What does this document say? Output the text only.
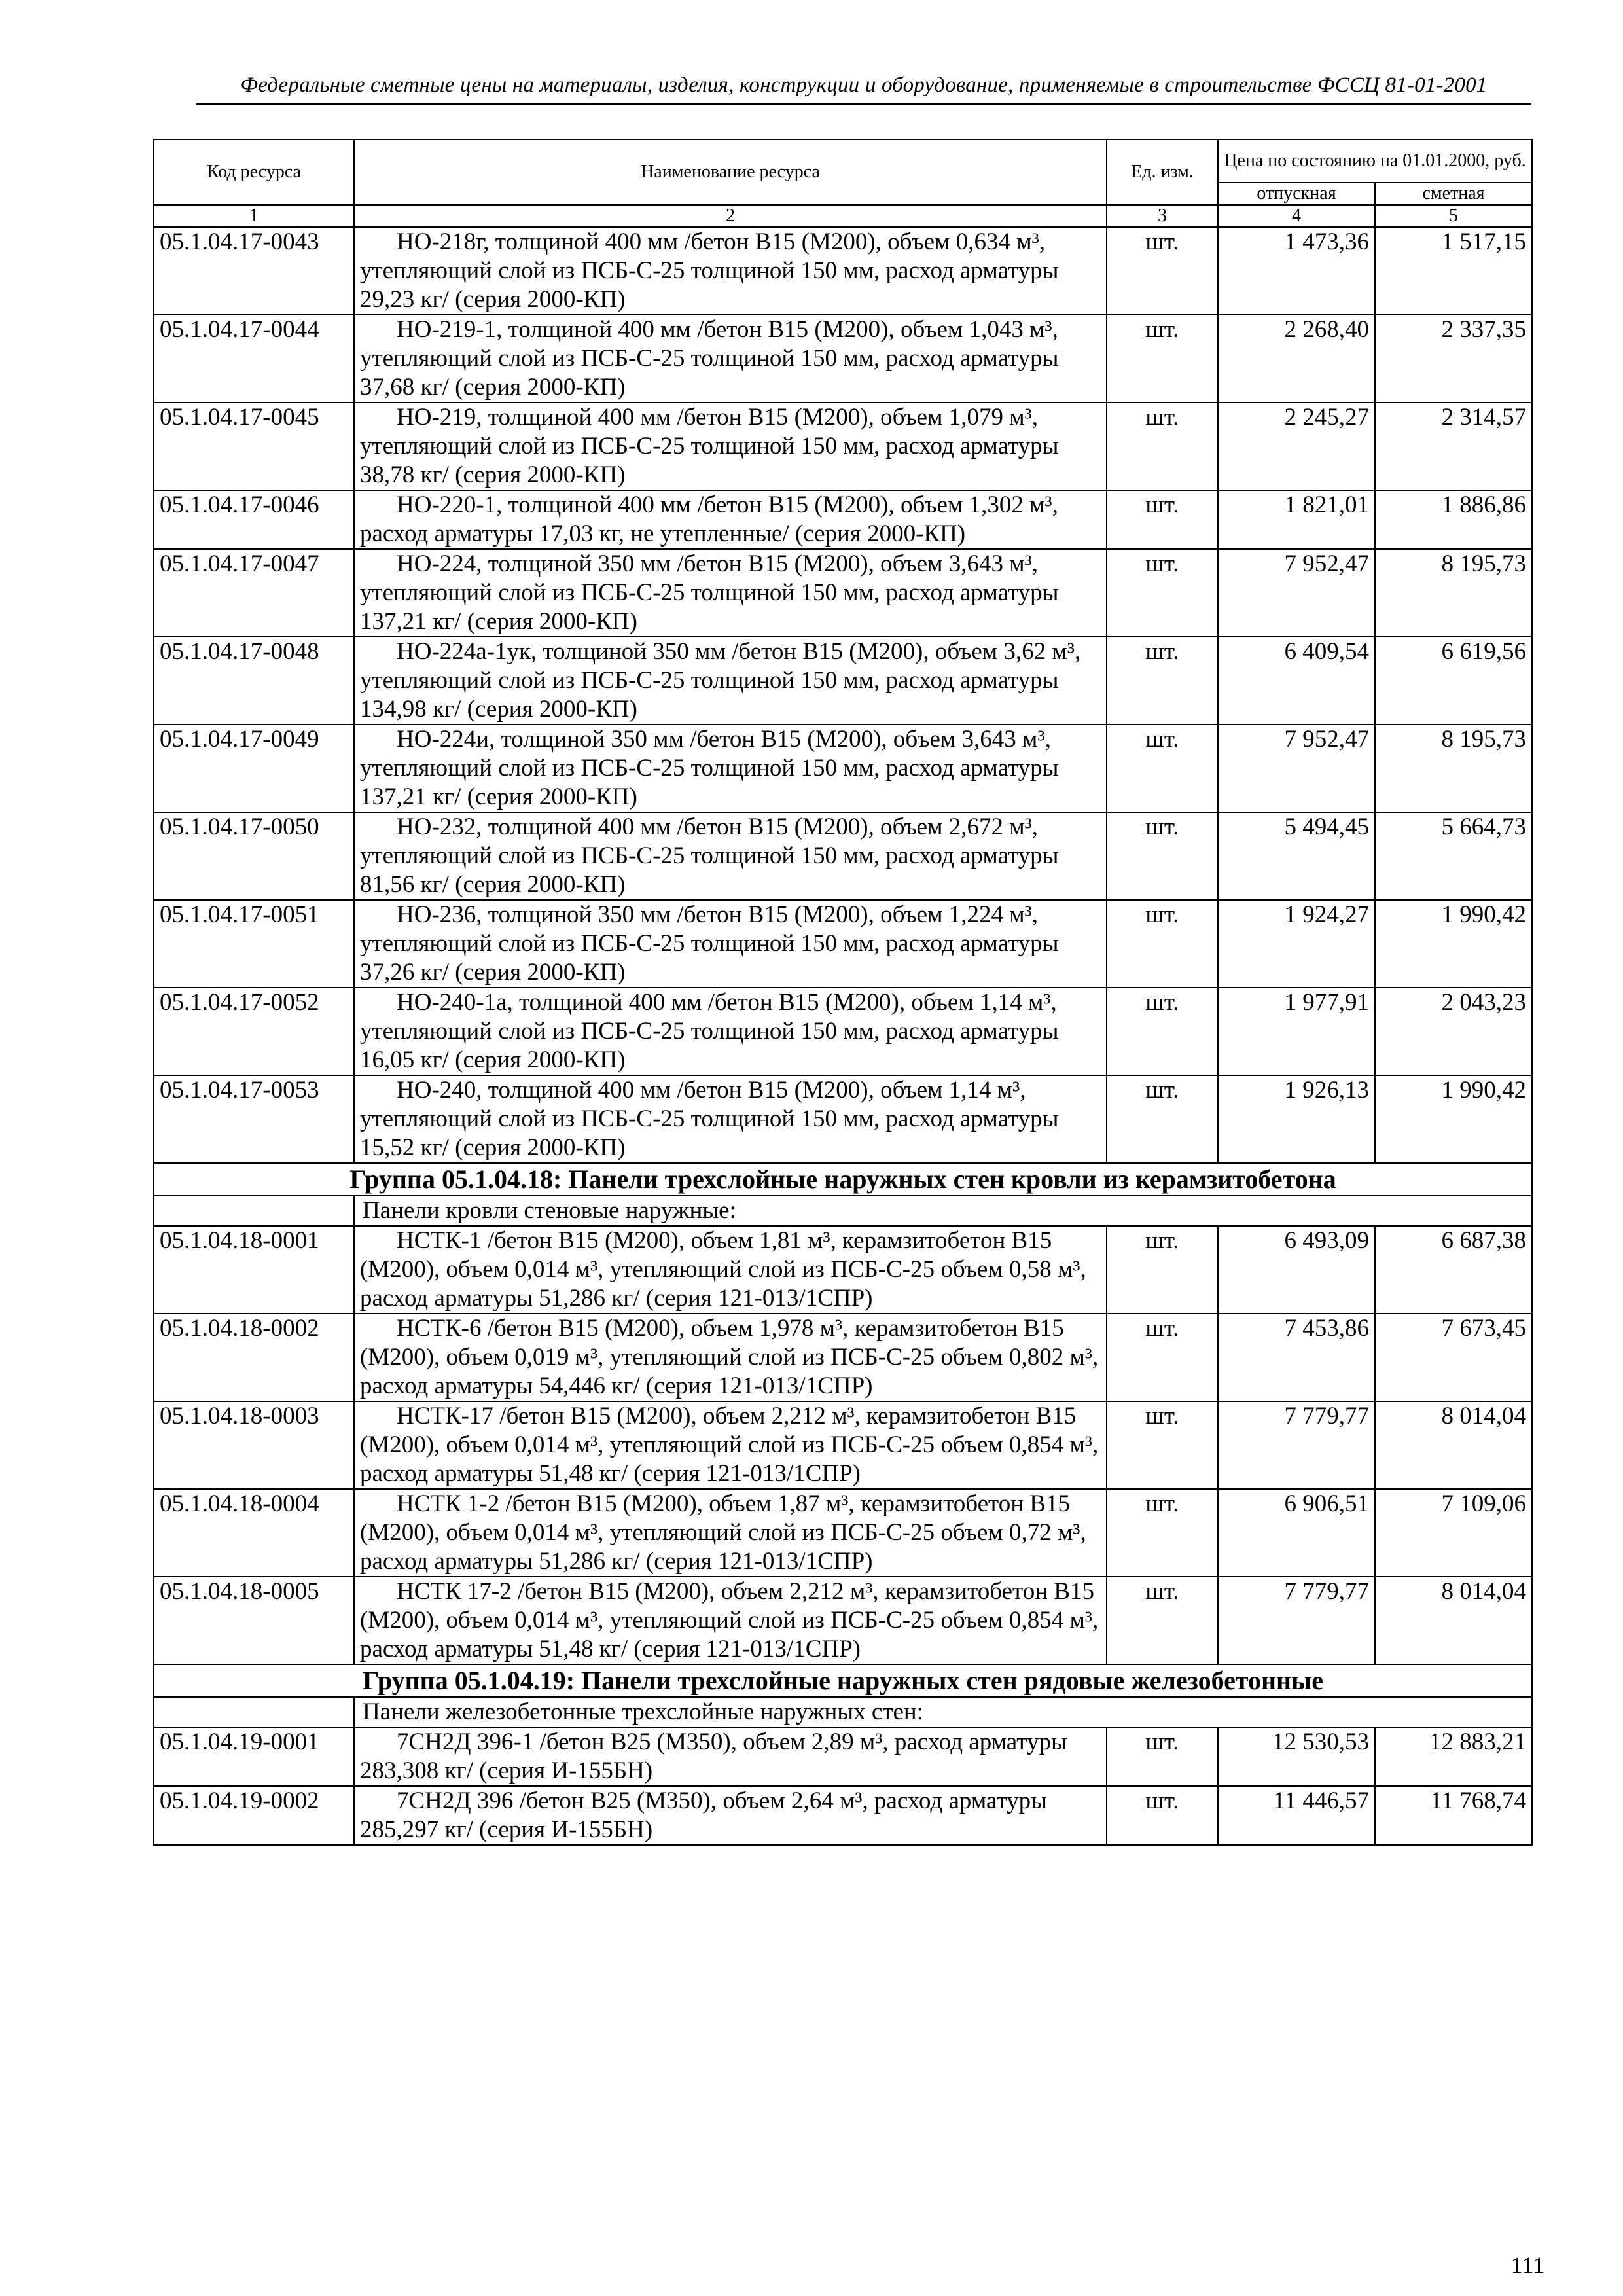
Федеральные сметные цены на материалы, изделия, конструкции и оборудование, применяемые в строительстве ФССЦ 81-01-2001
Код ресурса	Наименование ресурса	Ед. изм.	Цена по состоянию на 01.01.2000, руб.	
			отпускная	сметная
1	2	3	4	5
05.1.04.17-0043	НО-218г, толщиной 400 мм /бетон В15 (М200), объем 0,634 м³, утепляющий слой из ПСБ-С-25 толщиной 150 мм, расход арматуры 29,23 кг/ (серия 2000-КП)	шт.	1 473,36	1 517,15
05.1.04.17-0044	НО-219-1, толщиной 400 мм /бетон В15 (М200), объем 1,043 м³, утепляющий слой из ПСБ-С-25 толщиной 150 мм, расход арматуры 37,68 кг/ (серия 2000-КП)	шт.	2 268,40	2 337,35
05.1.04.17-0045	НО-219, толщиной 400 мм /бетон В15 (М200), объем 1,079 м³, утепляющий слой из ПСБ-С-25 толщиной 150 мм, расход арматуры 38,78 кг/ (серия 2000-КП)	шт.	2 245,27	2 314,57
05.1.04.17-0046	НО-220-1, толщиной 400 мм /бетон В15 (М200), объем 1,302 м³, расход арматуры 17,03 кг, не утепленные/ (серия 2000-КП)	шт.	1 821,01	1 886,86
05.1.04.17-0047	НО-224, толщиной 350 мм /бетон В15 (М200), объем 3,643 м³, утепляющий слой из ПСБ-С-25 толщиной 150 мм, расход арматуры 137,21 кг/ (серия 2000-КП)	шт.	7 952,47	8 195,73
05.1.04.17-0048	НО-224а-1ук, толщиной 350 мм /бетон В15 (М200), объем 3,62 м³, утепляющий слой из ПСБ-С-25 толщиной 150 мм, расход арматуры 134,98 кг/ (серия 2000-КП)	шт.	6 409,54	6 619,56
05.1.04.17-0049	НО-224и, толщиной 350 мм /бетон В15 (М200), объем 3,643 м³, утепляющий слой из ПСБ-С-25 толщиной 150 мм, расход арматуры 137,21 кг/ (серия 2000-КП)	шт.	7 952,47	8 195,73
05.1.04.17-0050	НО-232, толщиной 400 мм /бетон В15 (М200), объем 2,672 м³, утепляющий слой из ПСБ-С-25 толщиной 150 мм, расход арматуры 81,56 кг/ (серия 2000-КП)	шт.	5 494,45	5 664,73
05.1.04.17-0051	НО-236, толщиной 350 мм /бетон В15 (М200), объем 1,224 м³, утепляющий слой из ПСБ-С-25 толщиной 150 мм, расход арматуры 37,26 кг/ (серия 2000-КП)	шт.	1 924,27	1 990,42
05.1.04.17-0052	НО-240-1а, толщиной 400 мм /бетон В15 (М200), объем 1,14 м³, утепляющий слой из ПСБ-С-25 толщиной 150 мм, расход арматуры 16,05 кг/ (серия 2000-КП)	шт.	1 977,91	2 043,23
05.1.04.17-0053	НО-240, толщиной 400 мм /бетон В15 (М200), объем 1,14 м³, утепляющий слой из ПСБ-С-25 толщиной 150 мм, расход арматуры 15,52 кг/ (серия 2000-КП)	шт.	1 926,13	1 990,42
Группа 05.1.04.18: Панели трехслойные наружных стен кровли из керамзитобетона				
	Панели кровли стеновые наружные:			
05.1.04.18-0001	НСТК-1 /бетон В15 (М200), объем 1,81 м³, керамзитобетон В15 (М200), объем 0,014 м³, утепляющий слой из ПСБ-С-25 объем 0,58 м³, расход арматуры 51,286 кг/ (серия 121-013/1СПР)	шт.	6 493,09	6 687,38
05.1.04.18-0002	НСТК-6 /бетон В15 (М200), объем 1,978 м³, керамзитобетон В15 (М200), объем 0,019 м³, утепляющий слой из ПСБ-С-25 объем 0,802 м³, расход арматуры 54,446 кг/ (серия 121-013/1СПР)	шт.	7 453,86	7 673,45
05.1.04.18-0003	НСТК-17 /бетон В15 (М200), объем 2,212 м³, керамзитобетон В15 (М200), объем 0,014 м³, утепляющий слой из ПСБ-С-25 объем 0,854 м³, расход арматуры 51,48 кг/ (серия 121-013/1СПР)	шт.	7 779,77	8 014,04
05.1.04.18-0004	НСТК 1-2 /бетон В15 (М200), объем 1,87 м³, керамзитобетон В15 (М200), объем 0,014 м³, утепляющий слой из ПСБ-С-25 объем 0,72 м³, расход арматуры 51,286 кг/ (серия 121-013/1СПР)	шт.	6 906,51	7 109,06
05.1.04.18-0005	НСТК 17-2 /бетон В15 (М200), объем 2,212 м³, керамзитобетон В15 (М200), объем 0,014 м³, утепляющий слой из ПСБ-С-25 объем 0,854 м³, расход арматуры 51,48 кг/ (серия 121-013/1СПР)	шт.	7 779,77	8 014,04
Группа 05.1.04.19: Панели трехслойные наружных стен рядовые железобетонные				
	Панели железобетонные трехслойные наружных стен:			
05.1.04.19-0001	7СН2Д 396-1 /бетон В25 (М350), объем 2,89 м³, расход арматуры 283,308 кг/ (серия И-155БН)	шт.	12 530,53	12 883,21
05.1.04.19-0002	7СН2Д 396 /бетон В25 (М350), объем 2,64 м³, расход арматуры 285,297 кг/ (серия И-155БН)	шт.	11 446,57	11 768,74
111
